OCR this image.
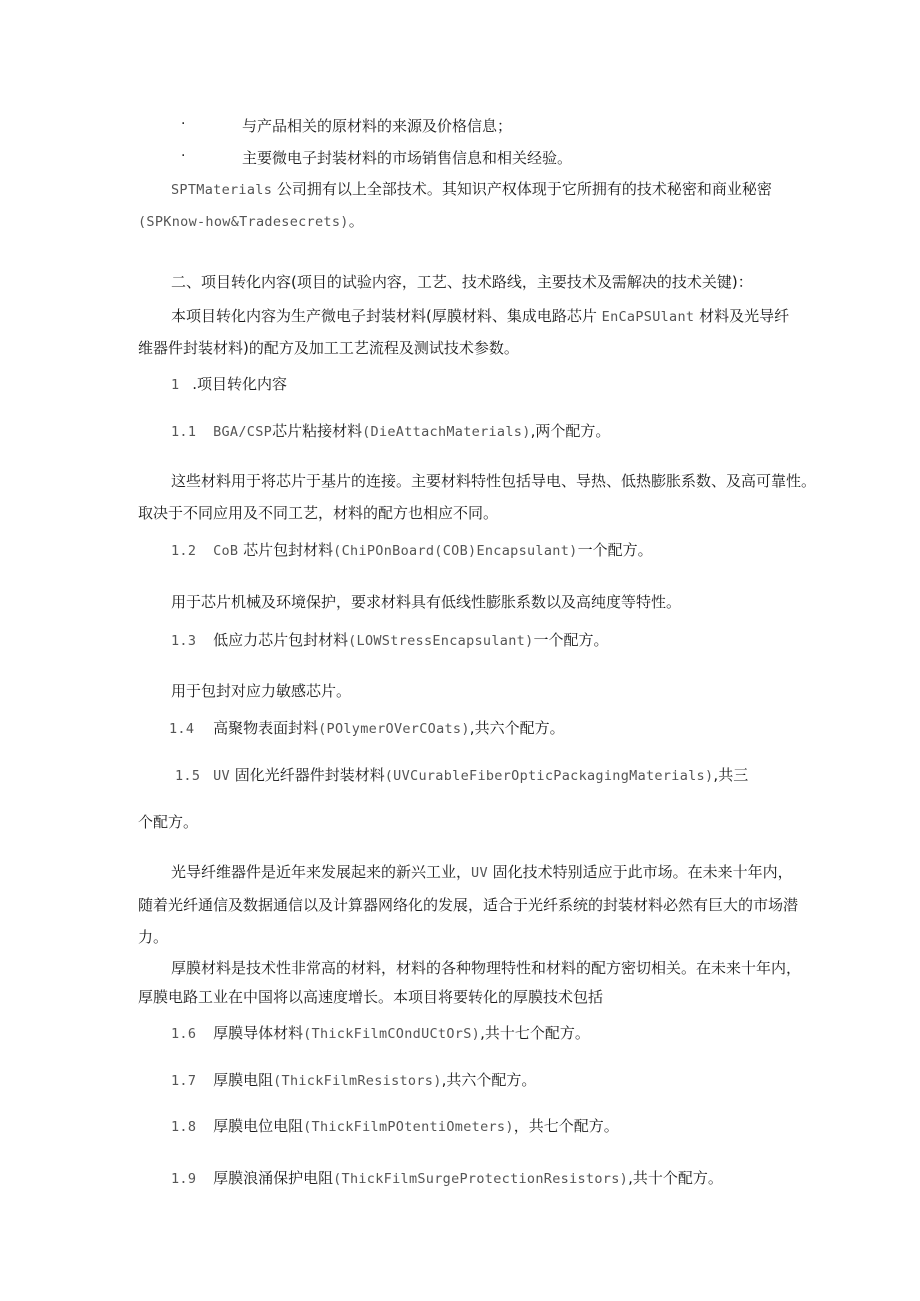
·	与产品相关的原材料的来源及价格信息；
·	主要微电子封装材料的市场销售信息和相关经验。
SPTMaterials 公司拥有以上全部技术。其知识产权体现于它所拥有的技术秘密和商业秘密
(SPKnow-how&Tradesecrets)。
二、项目转化内容(项目的试验内容，工艺、技术路线，主要技术及需解决的技术关键)：
本项目转化内容为生产微电子封装材料(厚膜材料、集成电路芯片 EnCaPSUlant 材料及光导纤
维器件封装材料)的配方及加工工艺流程及测试技术参数。
1 .项目转化内容
1.1 BGA/CSP芯片粘接材料(DieAttachMaterials),两个配方。
这些材料用于将芯片于基片的连接。主要材料特性包括导电、导热、低热膨胀系数、及高可靠性。
取决于不同应用及不同工艺，材料的配方也相应不同。
1.2 CoB 芯片包封材料(ChiPOnBoard(COB)Encapsulant)一个配方。
用于芯片机械及环境保护，要求材料具有低线性膨胀系数以及高纯度等特性。
1.3 低应力芯片包封材料(LOWStressEncapsulant)一个配方。
用于包封对应力敏感芯片。
1.4 高聚物表面封料(POlymerOVerCOats),共六个配方。
1.5 UV 固化光纤器件封装材料(UVCurableFiberOpticPackagingMaterials),共三
个配方。
光导纤维器件是近年来发展起来的新兴工业，UV 固化技术特别适应于此市场。在未来十年内，
随着光纤通信及数据通信以及计算器网络化的发展，适合于光纤系统的封装材料必然有巨大的市场潜
力。
厚膜材料是技术性非常高的材料，材料的各种物理特性和材料的配方密切相关。在未来十年内，
厚膜电路工业在中国将以高速度增长。本项目将要转化的厚膜技术包括
1.6 厚膜导体材料(ThickFilmCOndUCtOrS),共十七个配方。
1.7 厚膜电阻(ThickFilmResistors),共六个配方。
1.8 厚膜电位电阻(ThickFilmPOtentiOmeters)，共七个配方。
1.9 厚膜浪涌保护电阻(ThickFilmSurgeProtectionResistors),共十个配方。
